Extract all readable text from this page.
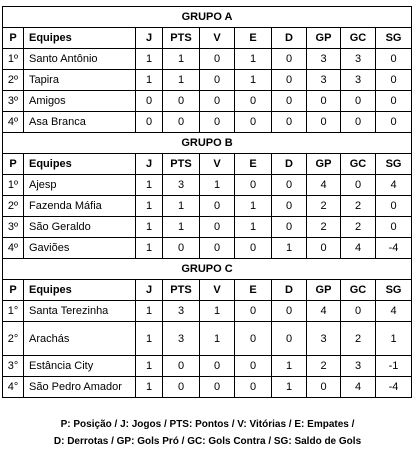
GRUPO A									
P	Equipes	J	PTS	V	E	D	GP	GC	SG
1º	Santo Antônio	1	1	0	1	0	3	3	0
2º	Tapira	1	1	0	1	0	3	3	0
3º	Amigos	0	0	0	0	0	0	0	0
4º	Asa Branca	0	0	0	0	0	0	0	0
GRUPO B									
P	Equipes	J	PTS	V	E	D	GP	GC	SG
1º	Ajesp	1	3	1	0	0	4	0	4
2º	Fazenda Máfia	1	1	0	1	0	2	2	0
3º	São Geraldo	1	1	0	1	0	2	2	0
4º	Gaviões	1	0	0	0	1	0	4	-4
GRUPO C									
P	Equipes	J	PTS	V	E	D	GP	GC	SG
1°	Santa Terezinha	1	3	1	0	0	4	0	4
2°	Arachás	1	3	1	0	0	3	2	1
3°	Estância City	1	0	0	0	1	2	3	-1
4°	São Pedro Amador	1	0	0	0	1	0	4	-4
P: Posição / J: Jogos / PTS: Pontos / V: Vitórias / E: Empates /
D: Derrotas / GP: Gols Pró / GC: Gols Contra / SG: Saldo de Gols
